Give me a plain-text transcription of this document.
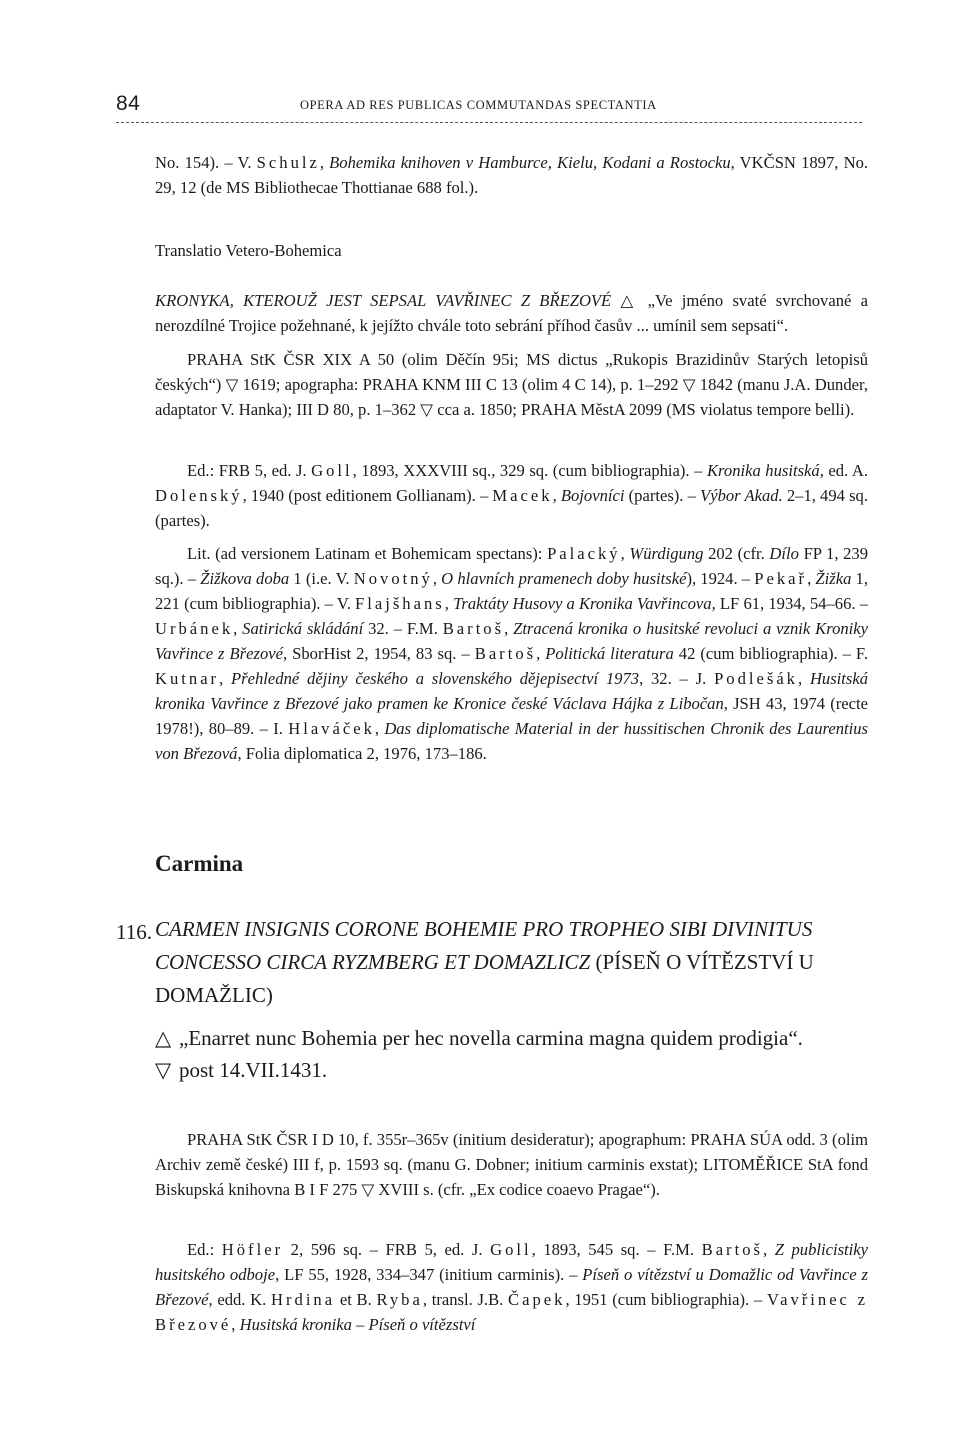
84	OPERA AD RES PUBLICAS COMMUTANDAS SPECTANTIA

No. 154). – V. Schulz, Bohemika knihoven v Hamburce, Kielu, Kodani a Rostocku, VKČSN 1897, No. 29, 12 (de MS Bibliothecae Thottianae 688 fol.).

Translatio Vetero-Bohemica

KRONYKA, KTEROUŽ JEST SEPSAL VAVŘINEC Z BŘEZOVÉ △ „Ve jméno svaté svrchované a nerozdílné Trojice požehnané, k jejížto chvále toto sebrání příhod časův ... umínil sem sepsati“.

PRAHA StK ČSR XIX A 50 (olim Děčín 95i; MS dictus „Rukopis Brazidinův Starých letopisů českých“) ▽ 1619; apographa: PRAHA KNM III C 13 (olim 4 C 14), p. 1–292 ▽ 1842 (manu J.A. Dunder, adaptator V. Hanka); III D 80, p. 1–362 ▽ cca a. 1850; PRAHA MěstA 2099 (MS violatus tempore belli).

Ed.: FRB 5, ed. J. Goll, 1893, XXXVIII sq., 329 sq. (cum bibliographia). – Kronika husitská, ed. A. Dolenský, 1940 (post editionem Gollianam). – Macek, Bojovníci (partes). – Výbor Akad. 2–1, 494 sq. (partes).

Lit. (ad versionem Latinam et Bohemicam spectans): Palacký, Würdigung 202 (cfr. Dílo FP 1, 239 sq.). – Žižkova doba 1 (i.e. V. Novotný, O hlavních pramenech doby husitské), 1924. – Pekař, Žižka 1, 221 (cum bibliographia). – V. Flajšhans, Traktáty Husovy a Kronika Vavřincova, LF 61, 1934, 54–66. – Urbánek, Satirická skládání 32. – F.M. Bartoš, Ztracená kronika o husitské revoluci a vznik Kroniky Vavřince z Březové, SborHist 2, 1954, 83 sq. – Bartoš, Politická literatura 42 (cum bibliographia). – F. Kutnar, Přehledné dějiny českého a slovenského dějepisectví 1973, 32. – J. Podlešák, Husitská kronika Vavřince z Březové jako pramen ke Kronice české Václava Hájka z Libočan, JSH 43, 1974 (recte 1978!), 80–89. – I. Hlaváček, Das diplomatische Material in der hussitischen Chronik des Laurentius von Březová, Folia diplomatica 2, 1976, 173–186.

Carmina
116. CARMEN INSIGNIS CORONE BOHEMIE PRO TROPHEO SIBI DIVINITUS CONCESSO CIRCA RYZMBERG ET DOMAZLICZ (PÍSEŇ O VÍTĚZSTVÍ U DOMAŽLIC)

△ „Enarret nunc Bohemia per hec novella carmina magna quidem prodigia“.

▽ post 14.VII.1431.

PRAHA StK ČSR I D 10, f. 355r–365v (initium desideratur); apographum: PRAHA SÚA odd. 3 (olim Archiv země české) III f, p. 1593 sq. (manu G. Dobner; initium carminis exstat); LITOMĚŘICE StA fond Biskupská knihovna B I F 275 ▽ XVIII s. (cfr. „Ex codice coaevo Pragae“).

Ed.: Höfler 2, 596 sq. – FRB 5, ed. J. Goll, 1893, 545 sq. – F.M. Bartoš, Z publicistiky husitského odboje, LF 55, 1928, 334–347 (initium carminis). – Píseň o vítězství u Domažlic od Vavřince z Březové, edd. K. Hrdina et B. Ryba, transl. J.B. Čapek, 1951 (cum bibliographia). – Vavřinec z Březové, Husitská kronika – Píseň o vítězství
